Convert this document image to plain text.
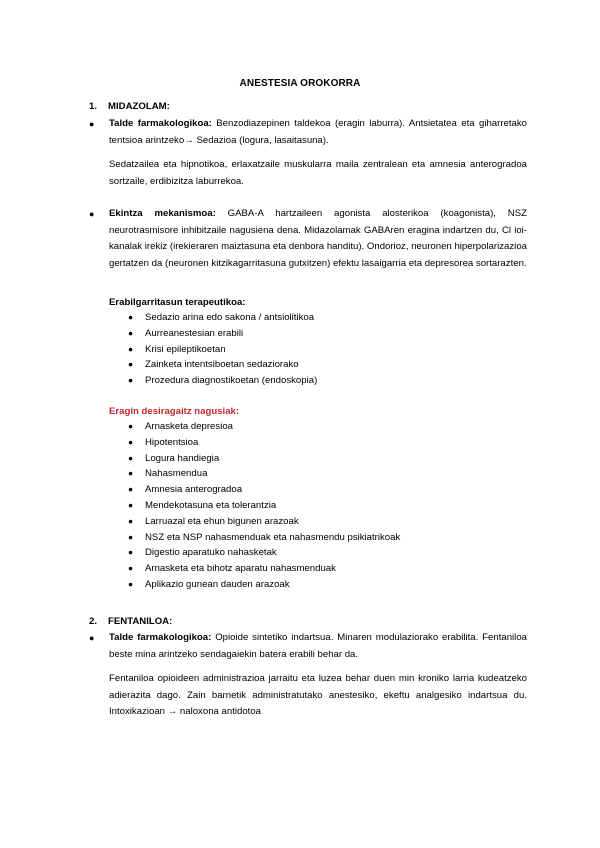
ANESTESIA OROKORRA
1. MIDAZOLAM:
● Talde farmakologikoa: Benzodiazepinen taldekoa (eragin laburra). Antsietatea eta giharretako tentsioa arintzeko→ Sedazioa (logura, lasaitasuna).
Sedatzailea eta hipnotikoa, erlaxatzaile muskularra maila zentralean eta amnesia anterogradoa sortzaile, erdibizitza laburrekoa.
● Ekintza mekanismoa: GABA-A hartzaileen agonista alosterikoa (koagonista), NSZ neurotrasmisore inhibitzaile nagusiena dena. Midazolamak GABAren eragina indartzen du, Cl ioi-kanalak irekiz (irekieraren maiztasuna eta denbora handitu). Ondorioz, neuronen hiperpolarizazioa gertatzen da (neuronen kitzikagarritasuna gutxitzen) efektu lasaigarria eta depresorea sortarazten.
Erabilgarritasun terapeutikoa:
● Sedazio arina edo sakona / antsiolitikoa
● Aurreanestesian erabili
● Krisi epileptikoetan
● Zainketa intentsiboetan sedaziorako
● Prozedura diagnostikoetan (endoskopia)
Eragin desiragaitz nagusiak:
● Arnasketa depresioa
● Hipotentsioa
● Logura handiegia
● Nahasmendua
● Amnesia anterogradoa
● Mendekotasuna eta tolerantzia
● Larruazal eta ehun bigunen arazoak
● NSZ eta NSP nahasmenduak eta nahasmendu psikiatrikoak
● Digestio aparatuko nahasketak
● Arnasketa eta bihotz aparatu nahasmenduak
● Aplikazio gunean dauden arazoak
2. FENTANILOA:
● Talde farmakologikoa: Opioide sintetiko indartsua. Minaren modulaziorako erabilita. Fentaniloa beste mina arintzeko sendagaiekin batera erabili behar da.
Fentaniloa opioideen administrazioa jarraitu eta luzea behar duen min kroniko larria kudeatzeko adierazita dago. Zain barnetik administratutako anestesiko, ekeftu analgesiko indartsua du. Intoxikazioan → naloxona antidotoa
